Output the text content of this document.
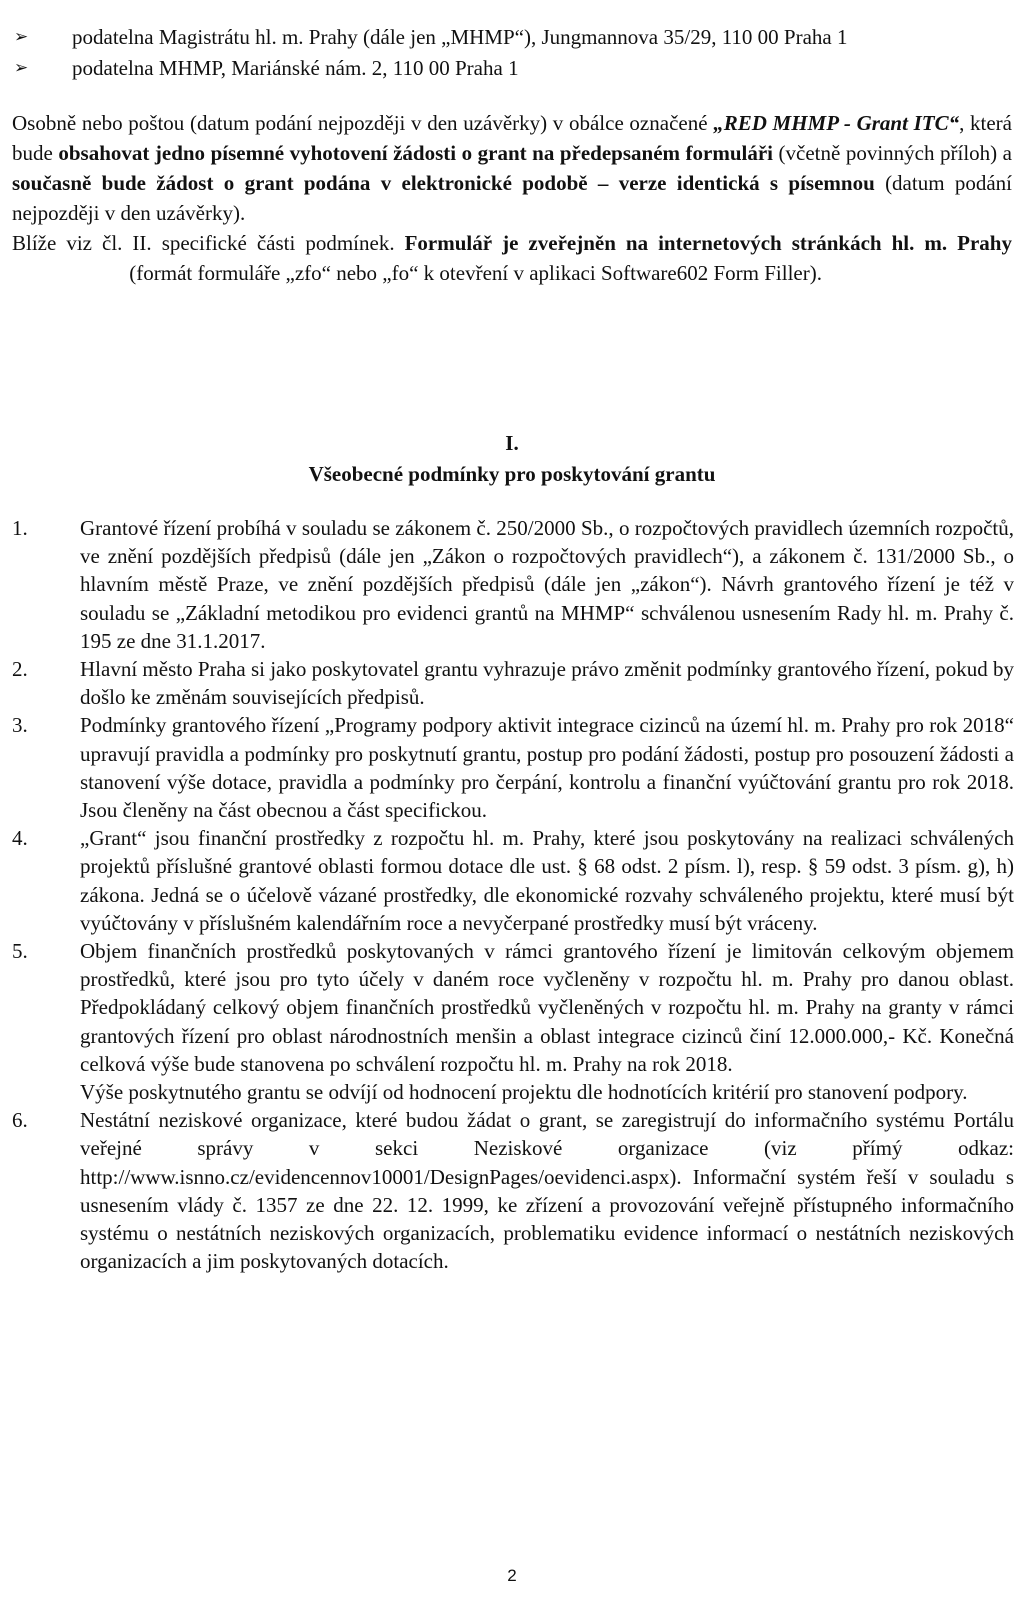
➢	podatelna Magistrátu hl. m. Prahy (dále jen „MHMP“), Jungmannova 35/29, 110 00 Praha 1
➢	podatelna MHMP, Mariánské nám. 2, 110 00 Praha 1

Osobně nebo poštou (datum podání nejpozději v den uzávěrky) v obálce označené „RED MHMP - Grant ITC“, která bude obsahovat jedno písemné vyhotovení žádosti o grant na předepsaném formuláři (včetně povinných příloh) a současně bude žádost o grant podána v elektronické podobě – verze identická s písemnou (datum podání nejpozději v den uzávěrky).

Blíže viz čl. II. specifické části podmínek. Formulář je zveřejněn na internetových stránkách hl. m. Prahy (formát formuláře „zfo“ nebo „fo“ k otevření v aplikaci Software602 Form Filler).

I.
Všeobecné podmínky pro poskytování grantu
1.	Grantové řízení probíhá v souladu se zákonem č. 250/2000 Sb., o rozpočtových pravidlech územních rozpočtů, ve znění pozdějších předpisů (dále jen „Zákon o rozpočtových pravidlech“), a zákonem č. 131/2000 Sb., o hlavním městě Praze, ve znění pozdějších předpisů (dále jen „zákon“). Návrh grantového řízení je též v souladu se „Základní metodikou pro evidenci grantů na MHMP“ schválenou usnesením Rady hl. m. Prahy č. 195 ze dne 31.1.2017.

2.	Hlavní město Praha si jako poskytovatel grantu vyhrazuje právo změnit podmínky grantového řízení, pokud by došlo ke změnám souvisejících předpisů.

3.	Podmínky grantového řízení „Programy podpory aktivit integrace cizinců na území hl. m. Prahy pro rok 2018“ upravují pravidla a podmínky pro poskytnutí grantu, postup pro podání žádosti, postup pro posouzení žádosti a stanovení výše dotace, pravidla a podmínky pro čerpání, kontrolu a finanční vyúčtování grantu pro rok 2018. Jsou členěny na část obecnou a část specifickou.

4.	„Grant“ jsou finanční prostředky z rozpočtu hl. m. Prahy, které jsou poskytovány na realizaci schválených projektů příslušné grantové oblasti formou dotace dle ust. § 68 odst. 2 písm. l), resp. § 59 odst. 3 písm. g), h) zákona. Jedná se o účelově vázané prostředky, dle ekonomické rozvahy schváleného projektu, které musí být vyúčtovány v příslušném kalendářním roce a nevyčerpané prostředky musí být vráceny.

5.	Objem finančních prostředků poskytovaných v rámci grantového řízení je limitován celkovým objemem prostředků, které jsou pro tyto účely v daném roce vyčleněny v rozpočtu hl. m. Prahy pro danou oblast. Předpokládaný celkový objem finančních prostředků vyčleněných v rozpočtu hl. m. Prahy na granty v rámci grantových řízení pro oblast národnostních menšin a oblast integrace cizinců činí 12.000.000,- Kč. Konečná celková výše bude stanovena po schválení rozpočtu hl. m. Prahy na rok 2018.

Výše poskytnutého grantu se odvíjí od hodnocení projektu dle hodnotících kritérií pro stanovení podpory.

6.	Nestátní neziskové organizace, které budou žádat o grant, se zaregistrují do informačního systému Portálu veřejné správy v sekci Neziskové organizace (viz přímý odkaz: http://www.isnno.cz/evidencennov10001/DesignPages/oevidenci.aspx). Informační systém řeší v souladu s usnesením vlády č. 1357 ze dne 22. 12. 1999, ke zřízení a provozování veřejně přístupného informačního systému o nestátních neziskových organizacích, problematiku evidence informací o nestátních neziskových organizacích a jim poskytovaných dotacích.

2
